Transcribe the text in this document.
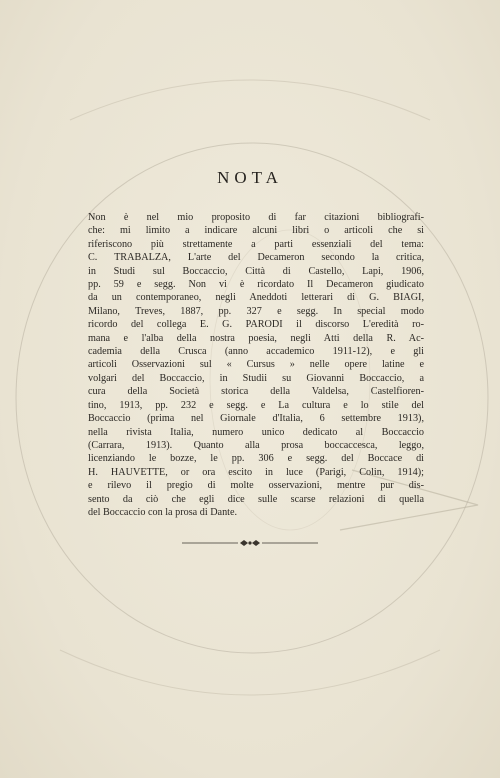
NOTA
Non è nel mio proposito di far citazioni bibliografi-
che: mi limito a indicare alcuni libri o articoli che si
riferiscono più strettamente a parti essenziali del tema:
C. TRABALZA, L'arte del Decameron secondo la critica,
in Studi sul Boccaccio, Città di Castello, Lapi, 1906,
pp. 59 e segg. Non vi è ricordato Il Decameron giudicato
da un contemporaneo, negli Aneddoti letterari di G. BIAGI,
Milano, Treves, 1887, pp. 327 e segg. In special modo
ricordo del collega E. G. PARODI il discorso L'eredità ro-
mana e l'alba della nostra poesia, negli Atti della R. Ac-
cademia della Crusca (anno accademico 1911-12), e gli
articoli Osservazioni sul « Cursus » nelle opere latine e
volgari del Boccaccio, in Studii su Giovanni Boccaccio, a
cura della Società storica della Valdelsa, Castelfioren-
tino, 1913, pp. 232 e segg. e La cultura e lo stile del
Boccaccio (prima nel Giornale d'Italia, 6 settembre 1913),
nella rivista Italia, numero unico dedicato al Boccaccio
(Carrara, 1913). Quanto alla prosa boccaccesca, leggo,
licenziando le bozze, le pp. 306 e segg. del Boccace di
H. HAUVETTE, or ora escito in luce (Parigi, Colin, 1914);
e rilevo il pregio di molte osservazioni, mentre pur dis-
sento da ciò che egli dice sulle scarse relazioni di quella
del Boccaccio con la prosa di Dante.
